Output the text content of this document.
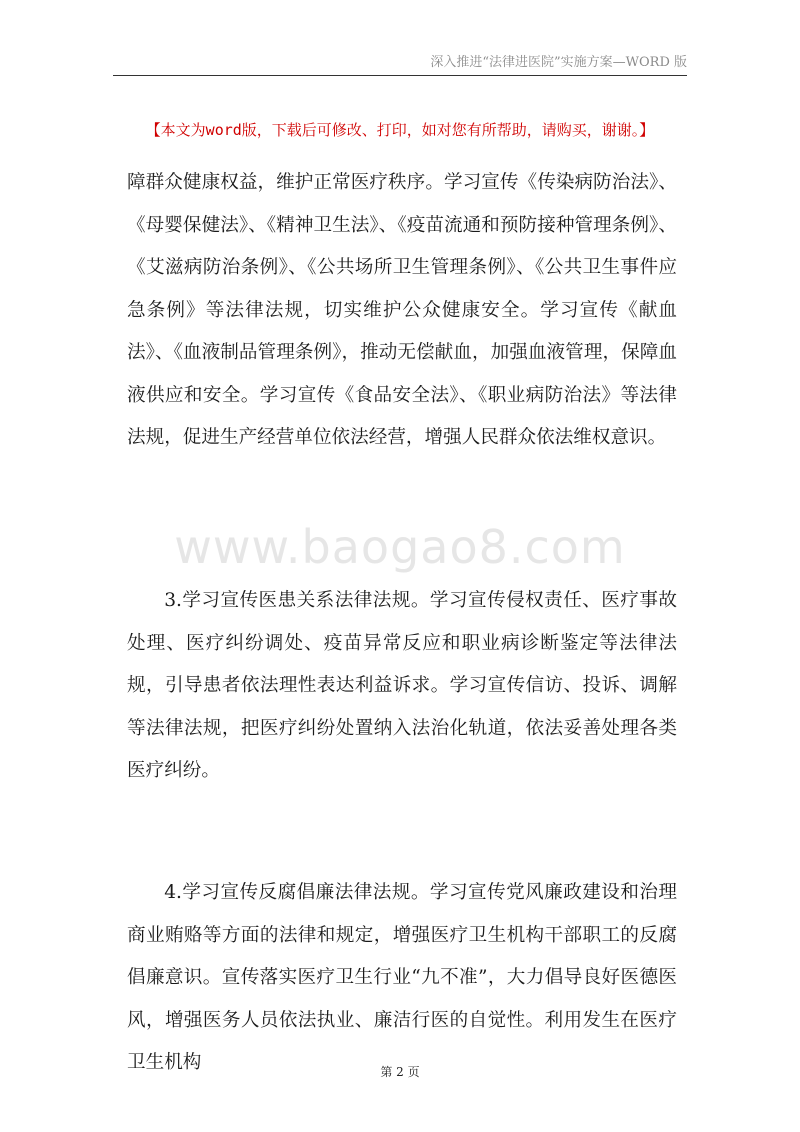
深入推进“法律进医院”实施方案—WORD 版
【本文为word版，下载后可修改、打印，如对您有所帮助，请购买，谢谢。】

障群众健康权益，维护正常医疗秩序。学习宣传《传染病防治法》、《母婴保健法》、《精神卫生法》、《疫苗流通和预防接种管理条例》、《艾滋病防治条例》、《公共场所卫生管理条例》、《公共卫生事件应急条例》等法律法规，切实维护公众健康安全。学习宣传《献血法》、《血液制品管理条例》，推动无偿献血，加强血液管理，保障血液供应和安全。学习宣传《食品安全法》、《职业病防治法》等法律法规，促进生产经营单位依法经营，增强人民群众依法维权意识。

www.baogao8.com

3.学习宣传医患关系法律法规。学习宣传侵权责任、医疗事故处理、医疗纠纷调处、疫苗异常反应和职业病诊断鉴定等法律法规，引导患者依法理性表达利益诉求。学习宣传信访、投诉、调解等法律法规，把医疗纠纷处置纳入法治化轨道，依法妥善处理各类医疗纠纷。

4.学习宣传反腐倡廉法律法规。学习宣传党风廉政建设和治理商业贿赂等方面的法律和规定，增强医疗卫生机构干部职工的反腐倡廉意识。宣传落实医疗卫生行业“九不准”，大力倡导良好医德医风，增强医务人员依法执业、廉洁行医的自觉性。利用发生在医疗卫生机构	第 2 页
